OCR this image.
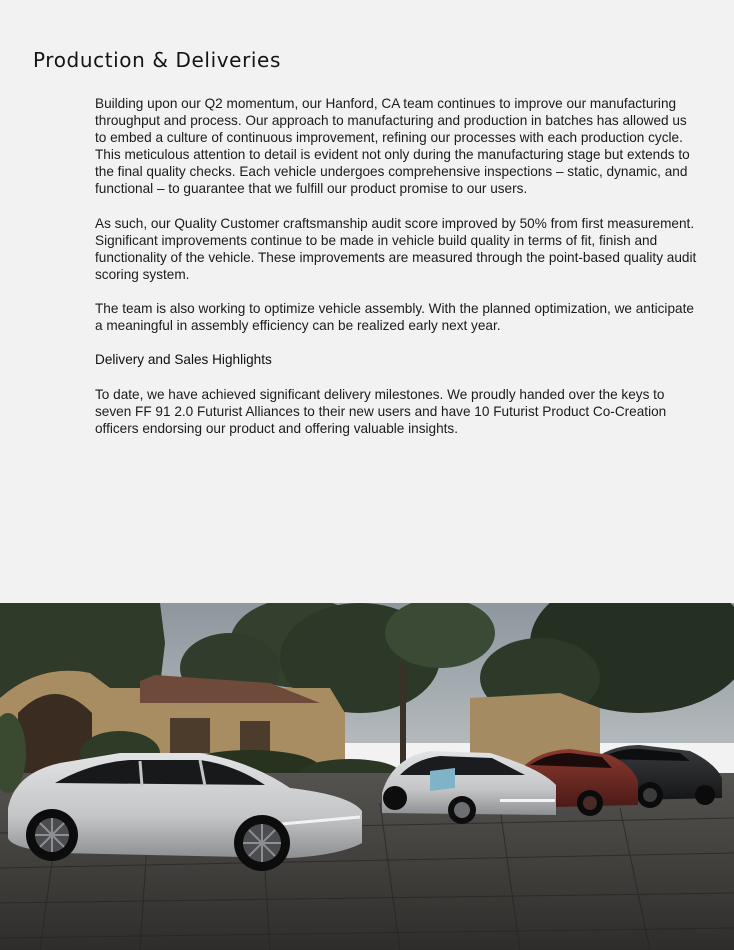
Production & Deliveries

Building upon our Q2 momentum, our Hanford, CA team continues to improve our manufacturing throughput and process. Our approach to manufacturing and production in batches has allowed us to embed a culture of continuous improvement, refining our processes with each production cycle. This meticulous attention to detail is evident not only during the manufacturing stage but extends to the final quality checks. Each vehicle undergoes comprehensive inspections – static, dynamic, and functional – to guarantee that we fulfill our product promise to our users.

As such, our Quality Customer craftsmanship audit score improved by 50% from first measurement. Significant improvements continue to be made in vehicle build quality in terms of fit, finish and functionality of the vehicle. These improvements are measured through the point-based quality audit scoring system.

The team is also working to optimize vehicle assembly. With the planned optimization, we anticipate a meaningful in assembly efficiency can be realized early next year.

Delivery and Sales Highlights

To date, we have achieved significant delivery milestones. We proudly handed over the keys to seven FF 91 2.0 Futurist Alliances to their new users and have 10 Futurist Product Co-Creation officers endorsing our product and offering valuable insights.
